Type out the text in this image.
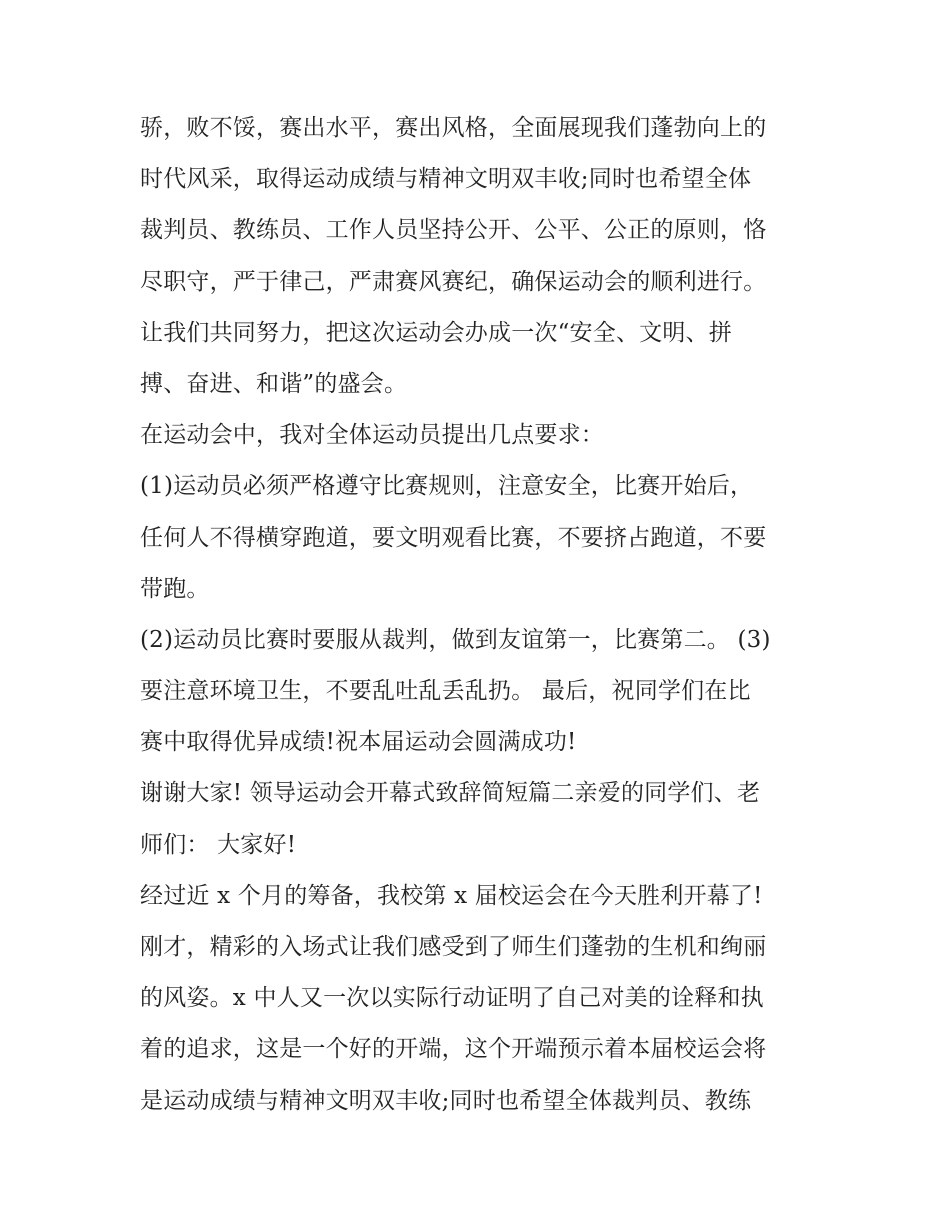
骄，败不馁，赛出水平，赛出风格，全面展现我们蓬勃向上的
时代风采，取得运动成绩与精神文明双丰收;同时也希望全体
裁判员、教练员、工作人员坚持公开、公平、公正的原则，恪
尽职守，严于律己，严肃赛风赛纪，确保运动会的顺利进行。
让我们共同努力，把这次运动会办成一次“安全、文明、拼
搏、奋进、和谐”的盛会。
在运动会中，我对全体运动员提出几点要求：
(1)运动员必须严格遵守比赛规则，注意安全，比赛开始后，
任何人不得横穿跑道，要文明观看比赛，不要挤占跑道，不要
带跑。
(2)运动员比赛时要服从裁判，做到友谊第一，比赛第二。 (3)
要注意环境卫生，不要乱吐乱丢乱扔。 最后，祝同学们在比
赛中取得优异成绩!祝本届运动会圆满成功!
谢谢大家! 领导运动会开幕式致辞简短篇二亲爱的同学们、老
师们： 大家好!
经过近 x 个月的筹备，我校第 x 届校运会在今天胜利开幕了!
刚才，精彩的入场式让我们感受到了师生们蓬勃的生机和绚丽
的风姿。x 中人又一次以实际行动证明了自己对美的诠释和执
着的追求，这是一个好的开端，这个开端预示着本届校运会将
是运动成绩与精神文明双丰收;同时也希望全体裁判员、教练
